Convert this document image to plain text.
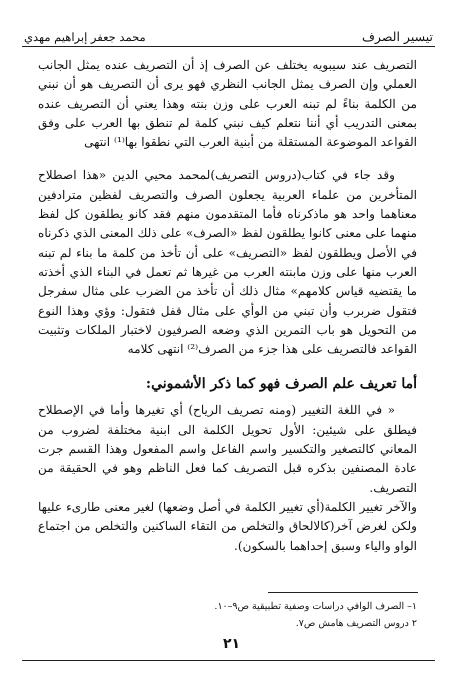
تيسير الصرف
محمد جعفر إبراهيم مهدي

التصريف عند سيبويه يختلف عن الصرف إذ أن التصريف عنده يمثل الجانب العملي وإن الصرف يمثل الجانب النظري فهو يرى أن التصريف هو أن نبني من الكلمة بناءً لم تبنه العرب على وزن بنته وهذا يعني أن التصريف عنده بمعنى التدريب أي أننا نتعلم كيف نبني كلمة لم تنطق بها العرب على وفق القواعد الموضوعة المستقلة من أبنية العرب التي نطقوا بها⁽¹⁾ انتهى

وقد جاء في كتاب(دروس التصريف)لمحمد محيي الدين «هذا اصطلاح المتأخرين من علماء العربية يجعلون الصرف والتصريف لفظين مترادفين معناهما واحد هو ماذكرناه فأما المتقدمون منهم فقد كانو يطلقون كل لفظ منهما على معنى كانوا يطلقون لفظ «الصرف» على ذلك المعنى الذي ذكرناه في الأصل ويطلقون لفظ «التصريف» على أن تأخذ من كلمة ما بناء لم تبنه العرب منها على وزن مابنته العرب من غيرها ثم تعمل في البناء الذي أخذته ما يقتضيه قياس كلامهم» مثال ذلك أن تأخذ من الضرب على مثال سفرجل فتقول ضربرب وأن تبني من الوأي على مثال قفل فتقول: وؤي وهذا النوع من التحويل هو باب التمرين الذي وضعه الصرفيون لاختبار الملكات وتثبيت القواعد فالتصريف على هذا جزء من الصرف⁽²⁾ انتهى كلامه

أما تعريف علم الصرف فهو كما ذكر الأشموني:

« في اللغة التغيير (ومنه تصريف الرياح) أي تغيرها وأما في الإصطلاح فيطلق على شيئين: الأول تحويل الكلمة الى ابنية مختلفة لضروب من المعاني كالتصغير والتكسير واسم الفاعل واسم المفعول وهذا القسم جرت عادة المصنفين بذكره قبل التصريف كما فعل الناظم وهو في الحقيقة من التصريف.

والآخر تغيير الكلمة(أي تغيير الكلمة في أصل وضعها) لغير معنى طارىء عليها ولكن لغرض آخر(كالالحاق والتخلص من التقاء الساكنين والتخلص من اجتماع الواو والياء وسبق إحداهما بالسكون).

١– الصرف الوافي دراسات وصفية تطبيقية ص٩–١٠.
٢ دروس التصريف هامش ص٧.
٢١
